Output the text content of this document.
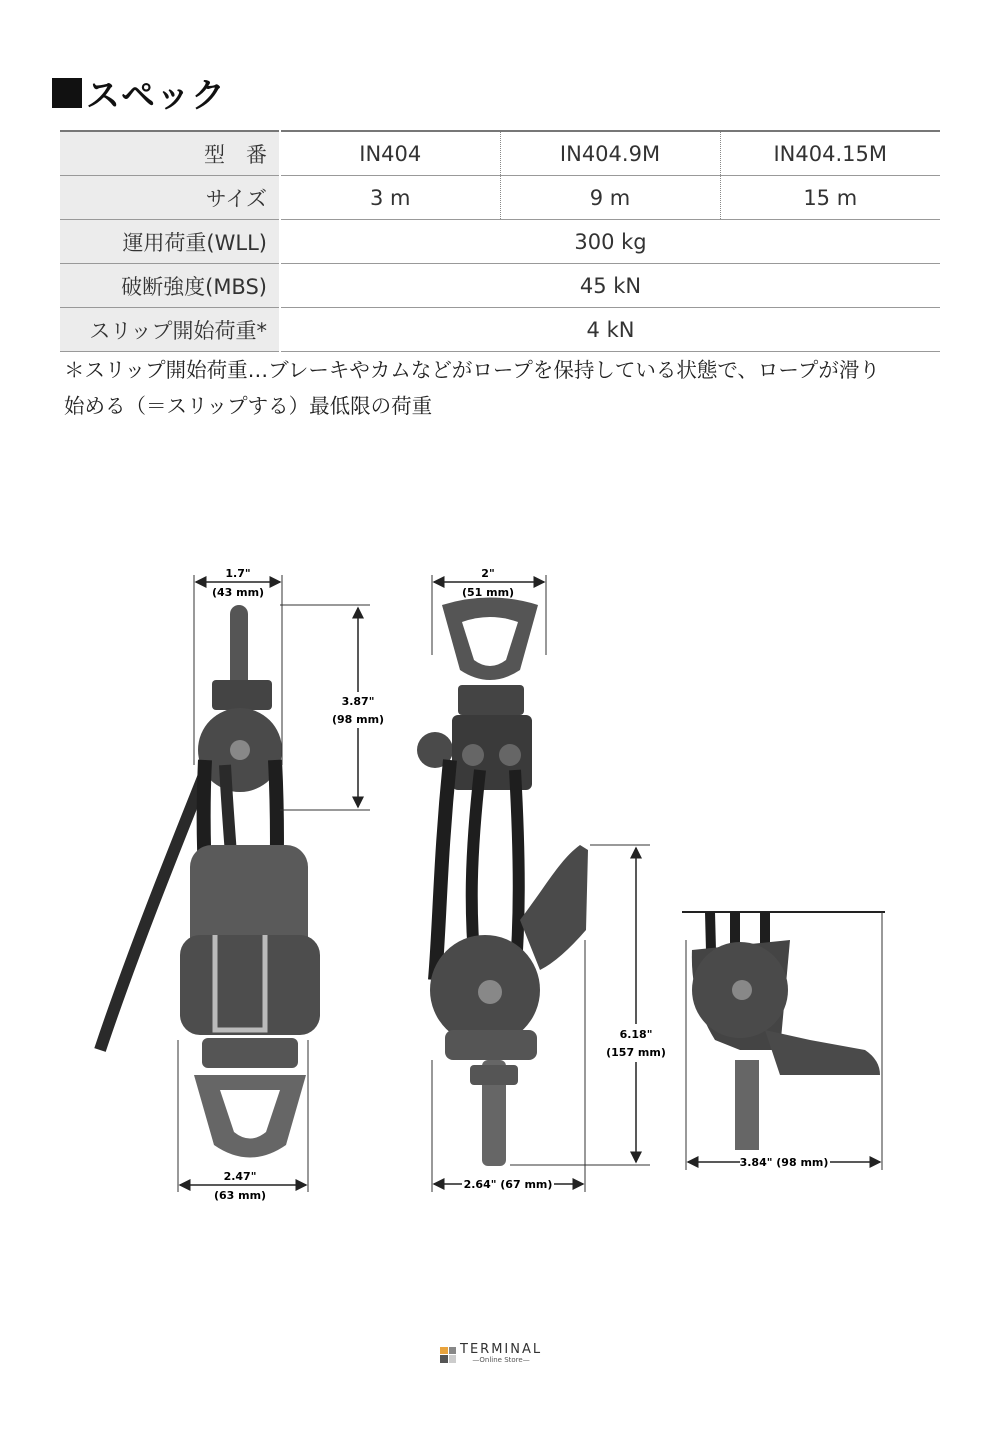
スペック
型　番	IN404	IN404.9M	IN404.15M
サイズ	3 m	9 m	15 m
運用荷重(WLL)	300 kg		
破断強度(MBS)	45 kN		
スリップ開始荷重*	4 kN		
＊スリップ開始荷重…ブレーキやカムなどがロープを保持している状態で、ロープが滑り
始める（＝スリップする）最低限の荷重
1.7"
(43 mm)
3.87"
(98 mm)
2.47"
(63 mm)
2"
(51 mm)
6.18"
(157 mm)
2.64" (67 mm)
3.84" (98 mm)
TERMINAL
—Online Store—
